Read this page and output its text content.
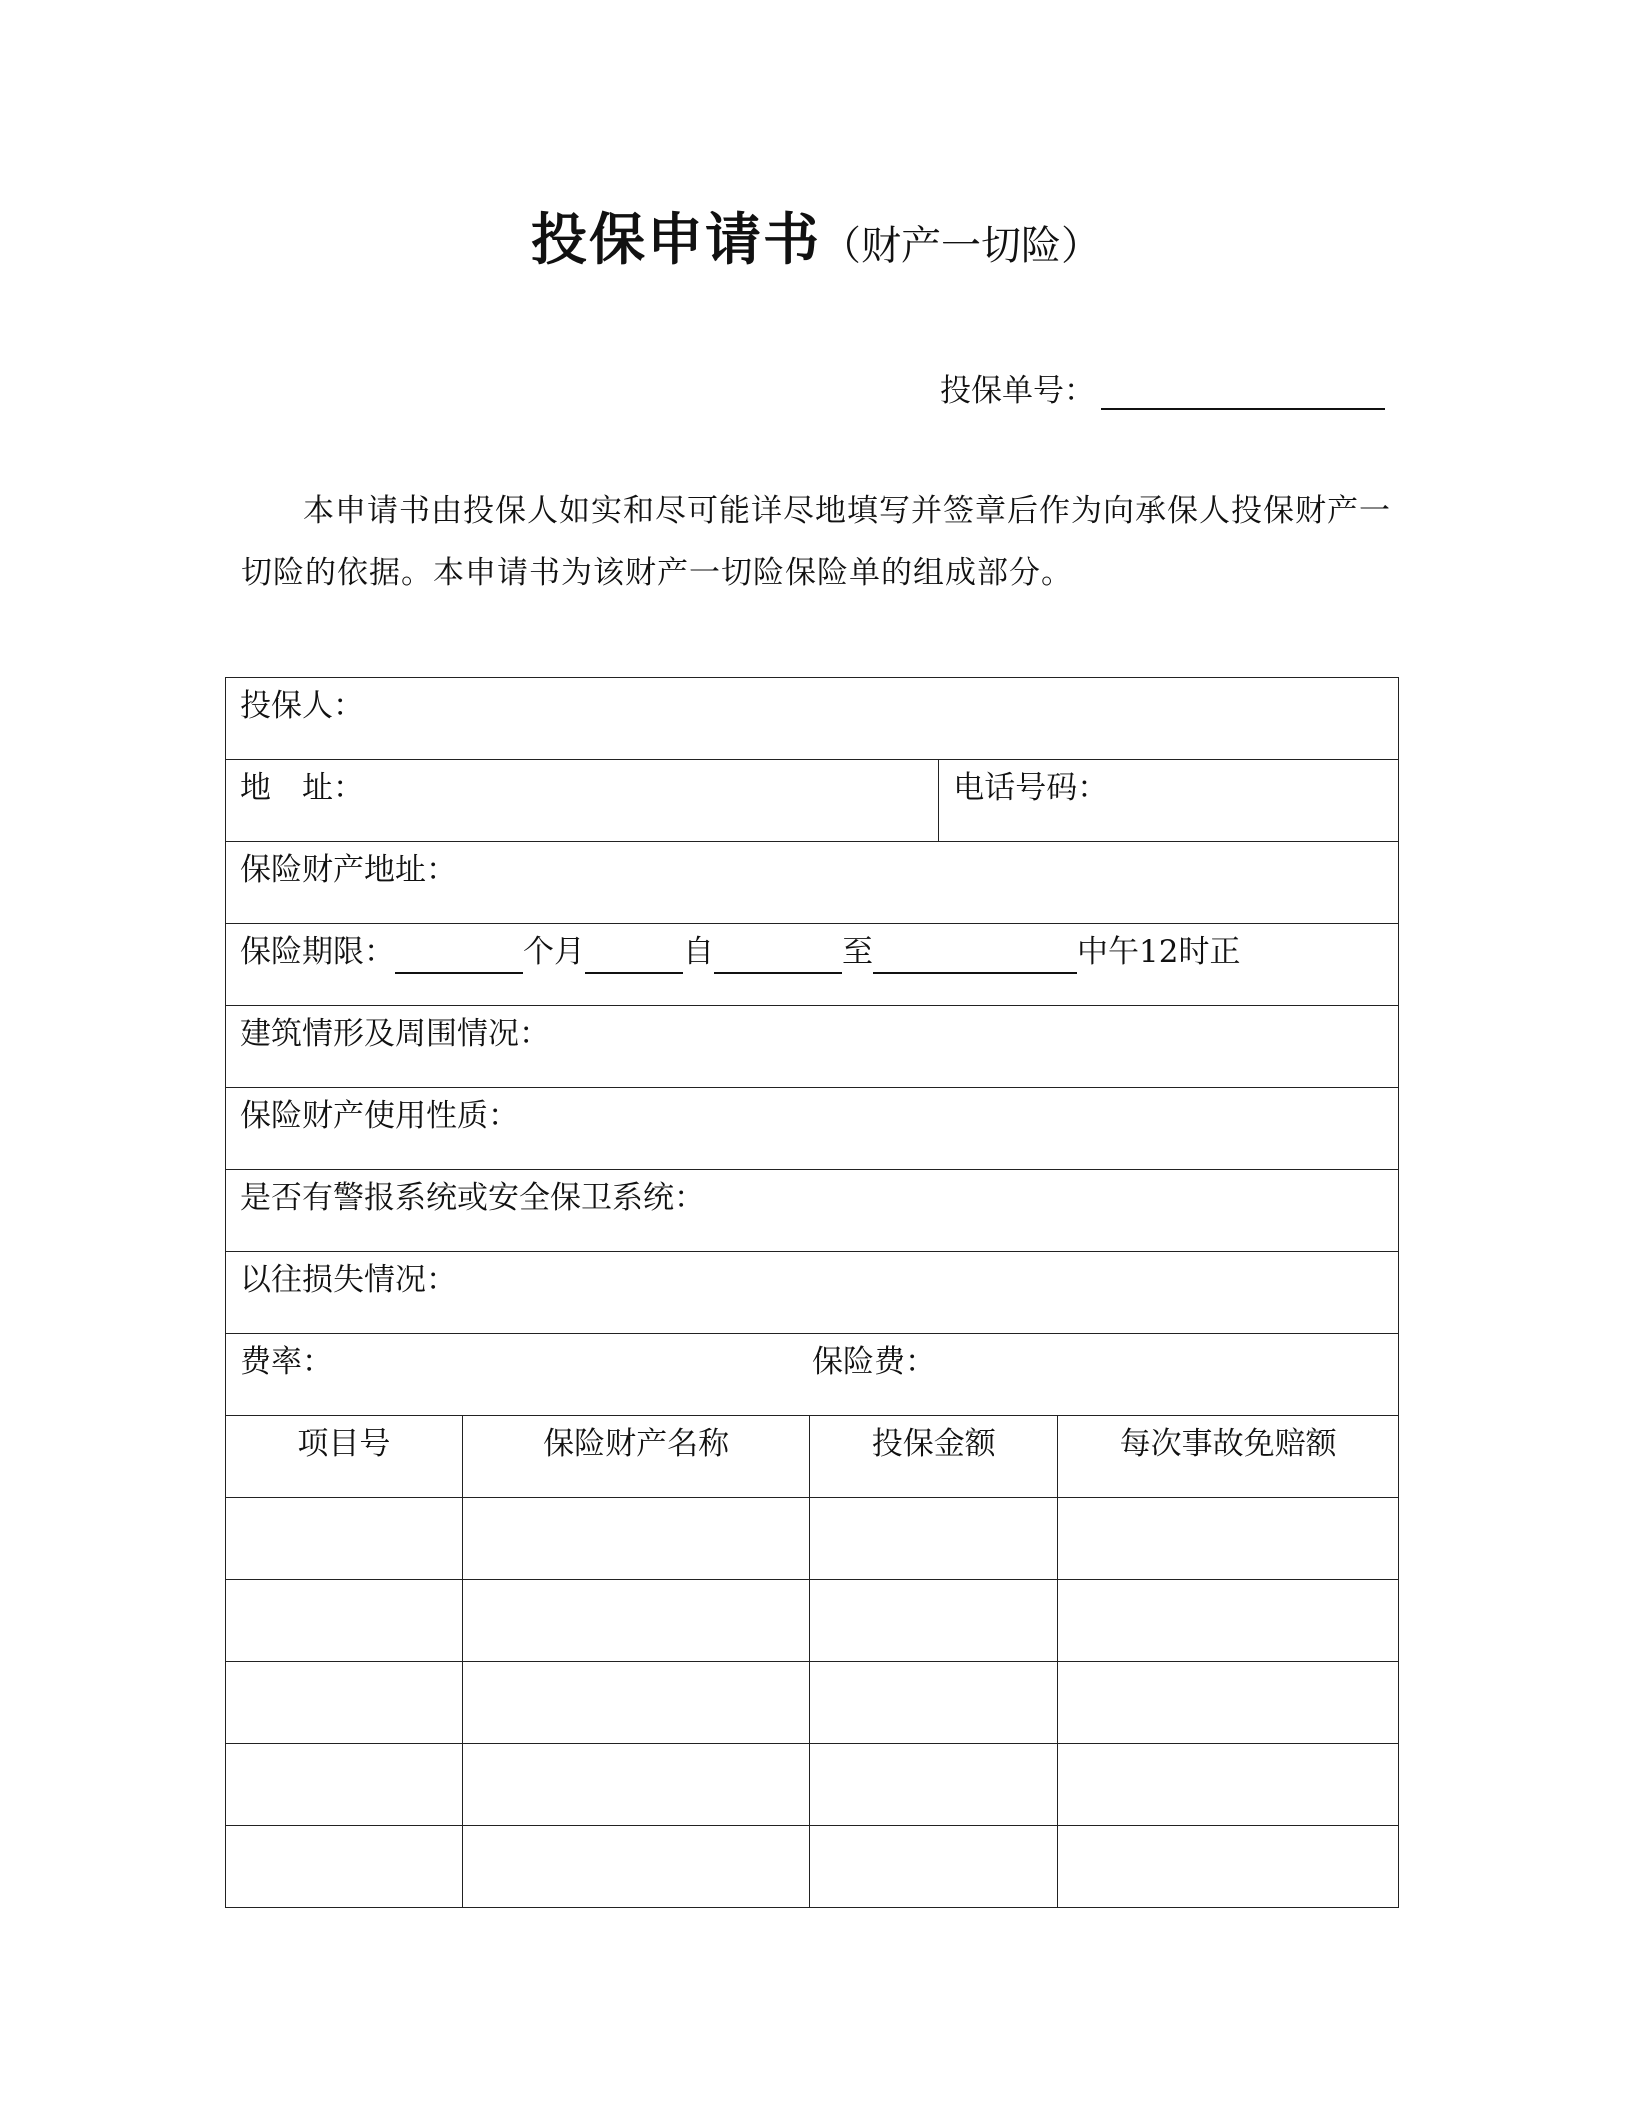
投保申请书（财产一切险）
投保单号：
本申请书由投保人如实和尽可能详尽地填写并签章后作为向承保人投保财产一切险的依据。本申请书为该财产一切险保险单的组成部分。
投保人：				
地　址：			电话号码：	
保险财产地址：				
保险期限： 个月 自 至 中午12时正				
建筑情形及周围情况：				
保险财产使用性质：				
是否有警报系统或安全保卫系统：				
以往损失情况：				
费率： 保险费：				
项目号	保险财产名称	投保金额		每次事故免赔额
